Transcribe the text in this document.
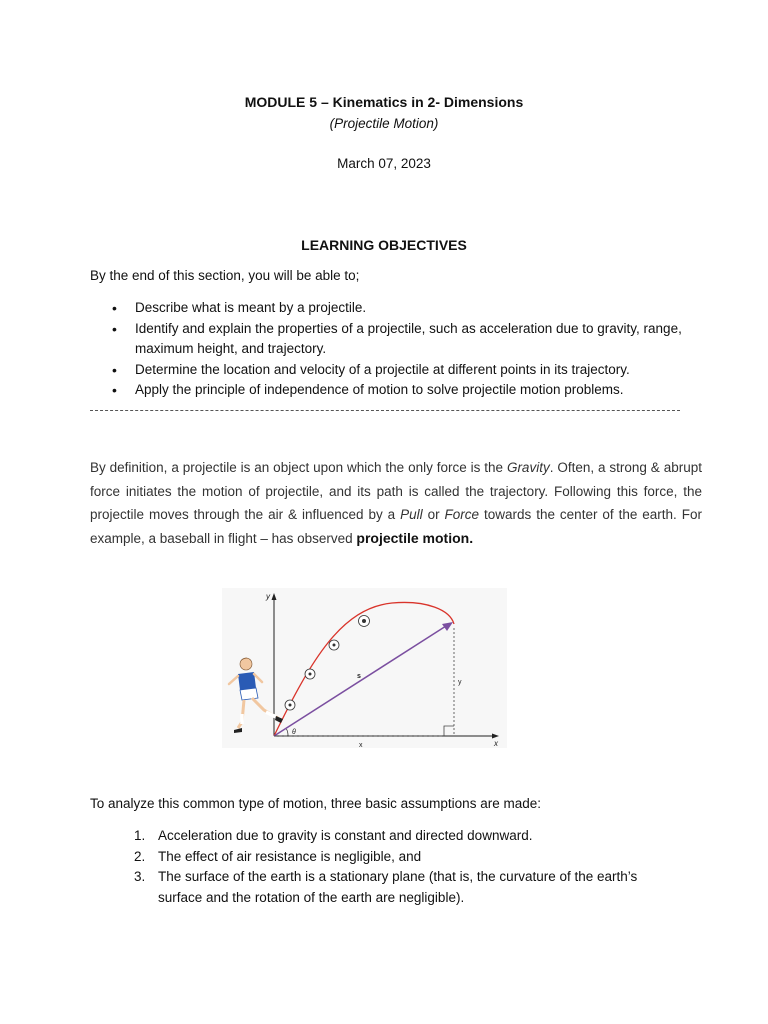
MODULE 5 – Kinematics in 2- Dimensions
(Projectile Motion)
March 07, 2023
LEARNING OBJECTIVES
By the end of this section, you will be able to;
• Describe what is meant by a projectile.
• Identify and explain the properties of a projectile, such as acceleration due to gravity, range, maximum height, and trajectory.
• Determine the location and velocity of a projectile at different points in its trajectory.
• Apply the principle of independence of motion to solve projectile motion problems.
By definition, a projectile is an object upon which the only force is the Gravity. Often, a strong & abrupt force initiates the motion of projectile, and its path is called the trajectory. Following this force, the projectile moves through the air & influenced by a Pull or Force towards the center of the earth. For example, a baseball in flight – has observed projectile motion.
y
x
s
y
x
θ
To analyze this common type of motion, three basic assumptions are made:
1. Acceleration due to gravity is constant and directed downward.
2. The effect of air resistance is negligible, and
3. The surface of the earth is a stationary plane (that is, the curvature of the earth’s surface and the rotation of the earth are negligible).
